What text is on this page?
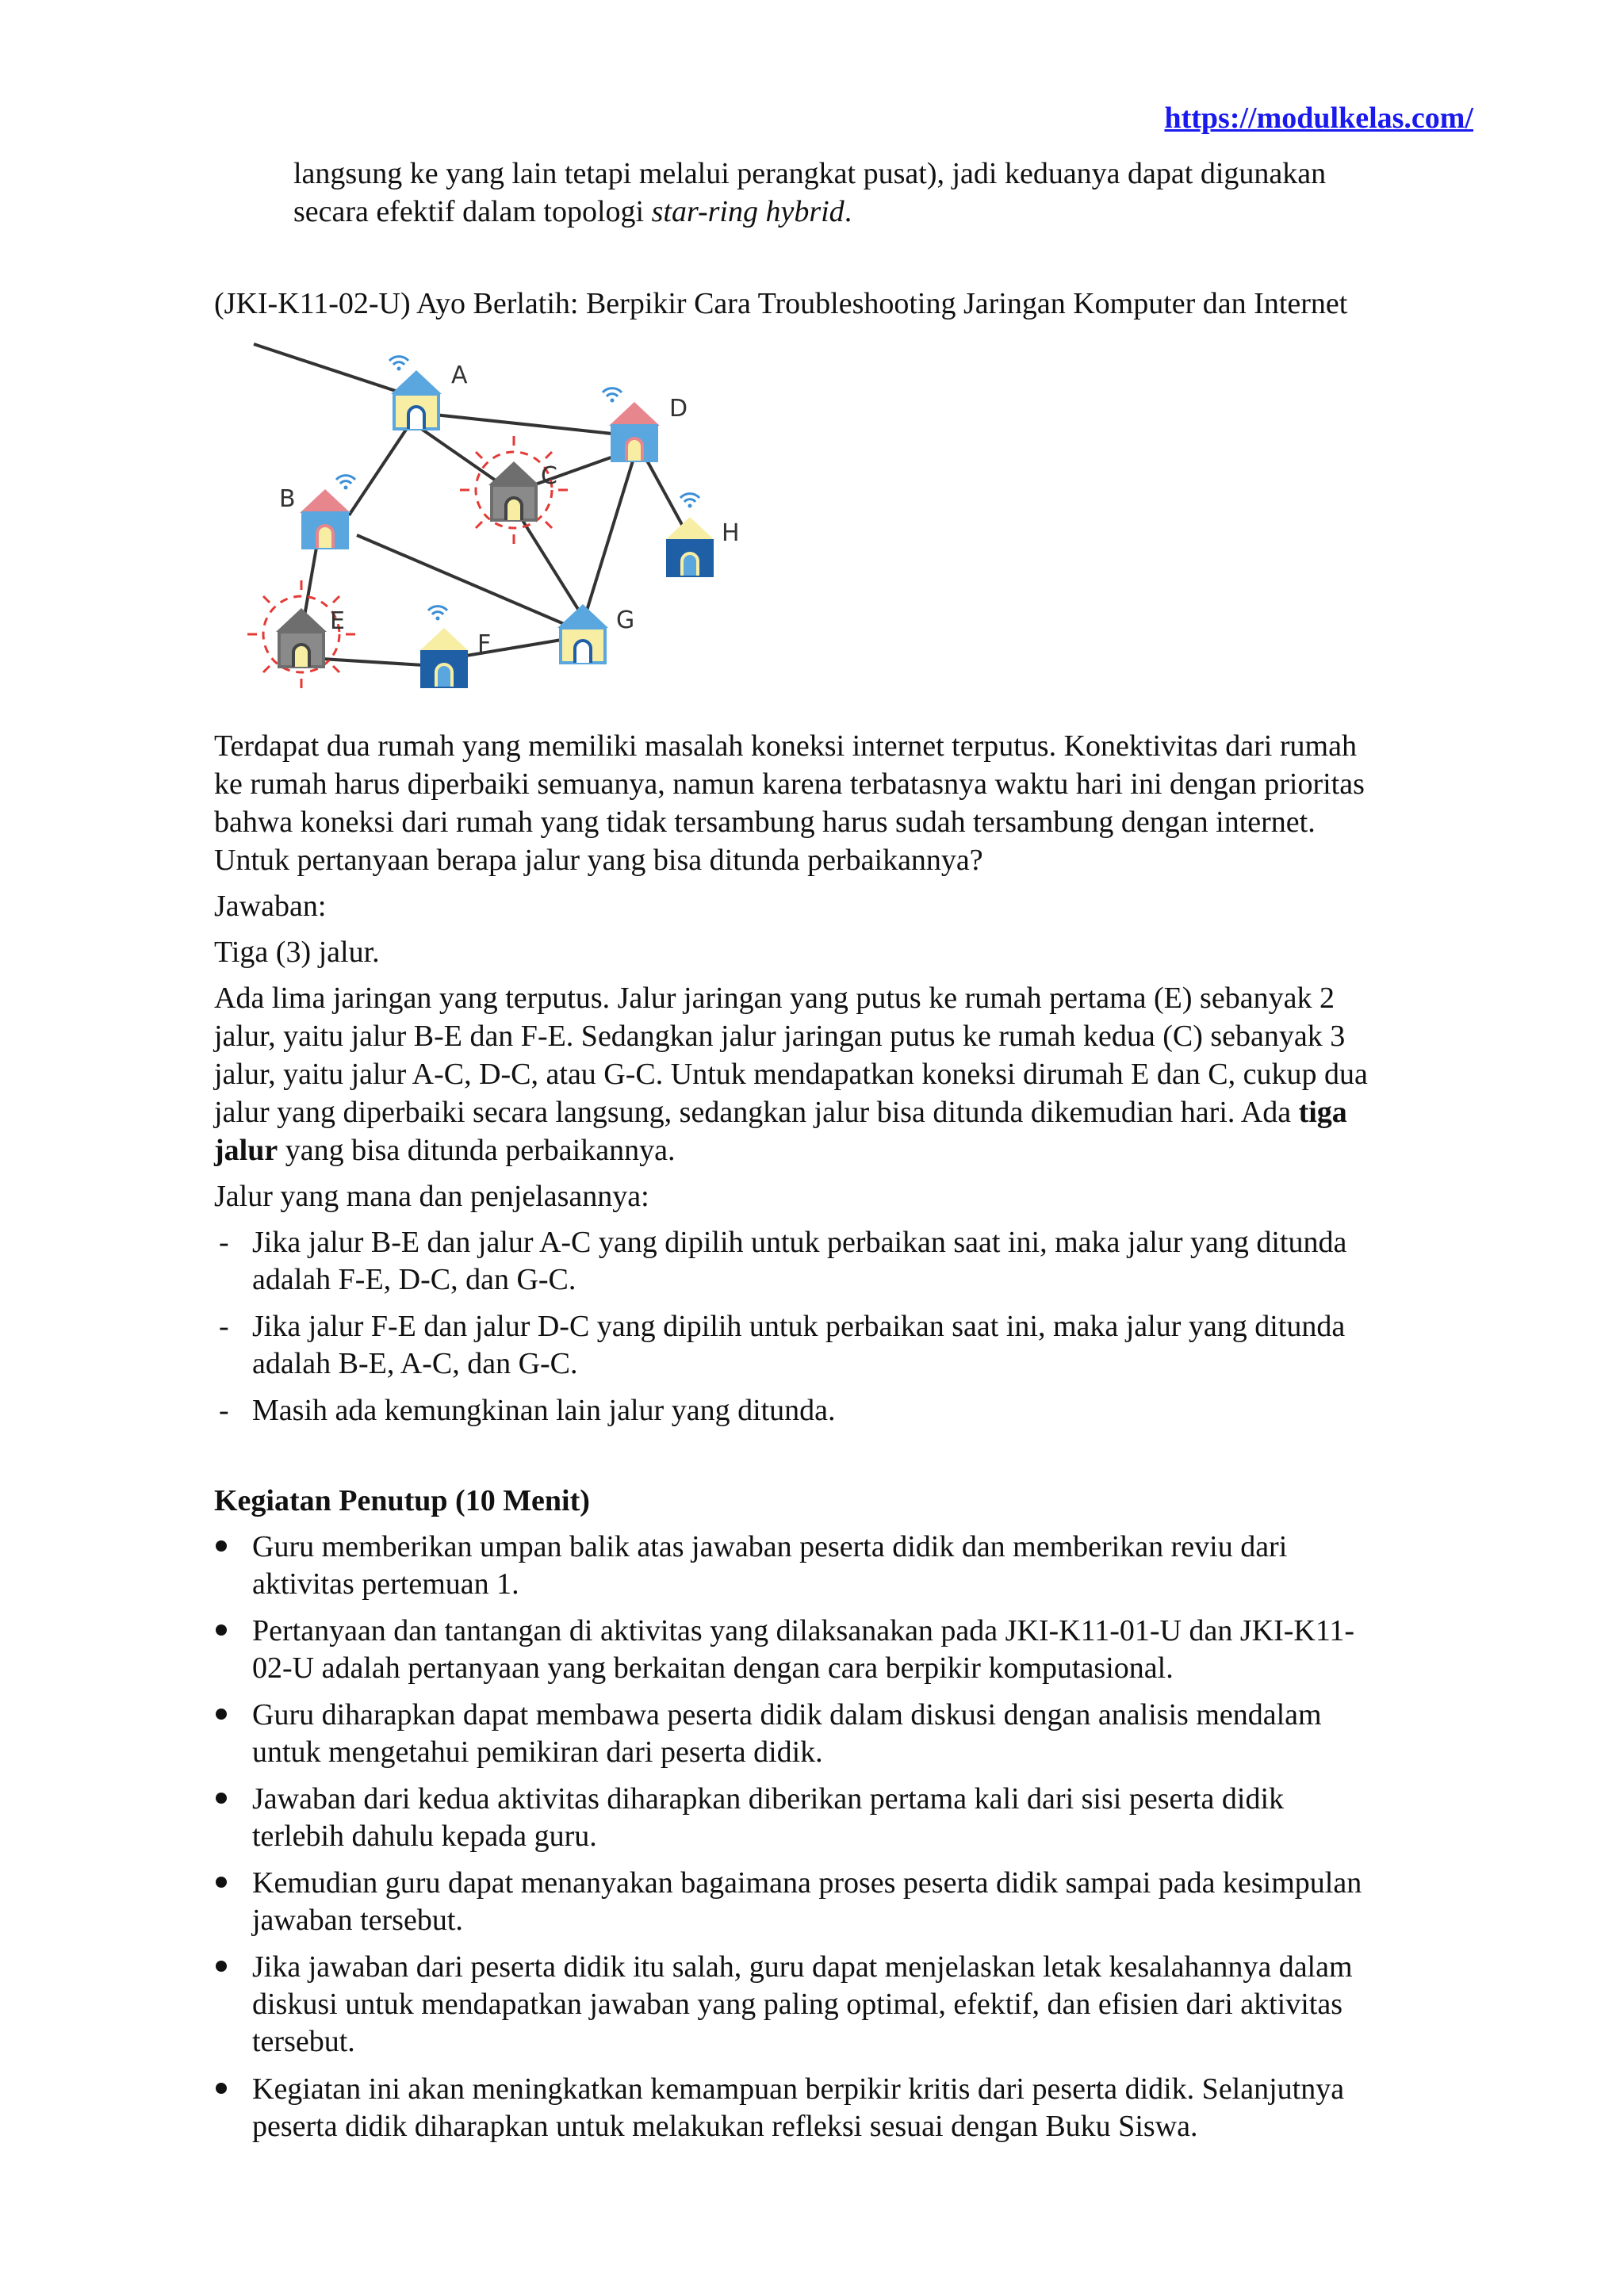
https://modulkelas.com/

langsung ke yang lain tetapi melalui perangkat pusat), jadi keduanya dapat digunakan

secara efektif dalam topologi star-ring hybrid.

(JKI-K11-02-U) Ayo Berlatih: Berpikir Cara Troubleshooting Jaringan Komputer dan Internet

A
D
B
C
H
G
F
E

Terdapat dua rumah yang memiliki masalah koneksi internet terputus. Konektivitas dari rumah

ke rumah harus diperbaiki semuanya, namun karena terbatasnya waktu hari ini dengan prioritas

bahwa koneksi dari rumah yang tidak tersambung harus sudah tersambung dengan internet.

Untuk pertanyaan berapa jalur yang bisa ditunda perbaikannya?

Jawaban:

Tiga (3) jalur.

Ada lima jaringan yang terputus. Jalur jaringan yang putus ke rumah pertama (E) sebanyak 2

jalur, yaitu jalur B-E dan F-E. Sedangkan jalur jaringan putus ke rumah kedua (C) sebanyak 3

jalur, yaitu jalur A-C, D-C, atau G-C. Untuk mendapatkan koneksi dirumah E dan C, cukup dua

jalur yang diperbaiki secara langsung, sedangkan jalur bisa ditunda dikemudian hari. Ada tiga

jalur yang bisa ditunda perbaikannya.

Jalur yang mana dan penjelasannya:

- Jika jalur B-E dan jalur A-C yang dipilih untuk perbaikan saat ini, maka jalur yang ditunda
adalah F-E, D-C, dan G-C.
- Jika jalur F-E dan jalur D-C yang dipilih untuk perbaikan saat ini, maka jalur yang ditunda
adalah B-E, A-C, dan G-C.
- Masih ada kemungkinan lain jalur yang ditunda.

Kegiatan Penutup (10 Menit)

Guru memberikan umpan balik atas jawaban peserta didik dan memberikan reviu dari
aktivitas pertemuan 1.
Pertanyaan dan tantangan di aktivitas yang dilaksanakan pada JKI-K11-01-U dan JKI-K11-
02-U adalah pertanyaan yang berkaitan dengan cara berpikir komputasional.
Guru diharapkan dapat membawa peserta didik dalam diskusi dengan analisis mendalam
untuk mengetahui pemikiran dari peserta didik.
Jawaban dari kedua aktivitas diharapkan diberikan pertama kali dari sisi peserta didik
terlebih dahulu kepada guru.
Kemudian guru dapat menanyakan bagaimana proses peserta didik sampai pada kesimpulan
jawaban tersebut.
Jika jawaban dari peserta didik itu salah, guru dapat menjelaskan letak kesalahannya dalam
diskusi untuk mendapatkan jawaban yang paling optimal, efektif, dan efisien dari aktivitas
tersebut.
Kegiatan ini akan meningkatkan kemampuan berpikir kritis dari peserta didik. Selanjutnya
peserta didik diharapkan untuk melakukan refleksi sesuai dengan Buku Siswa.
